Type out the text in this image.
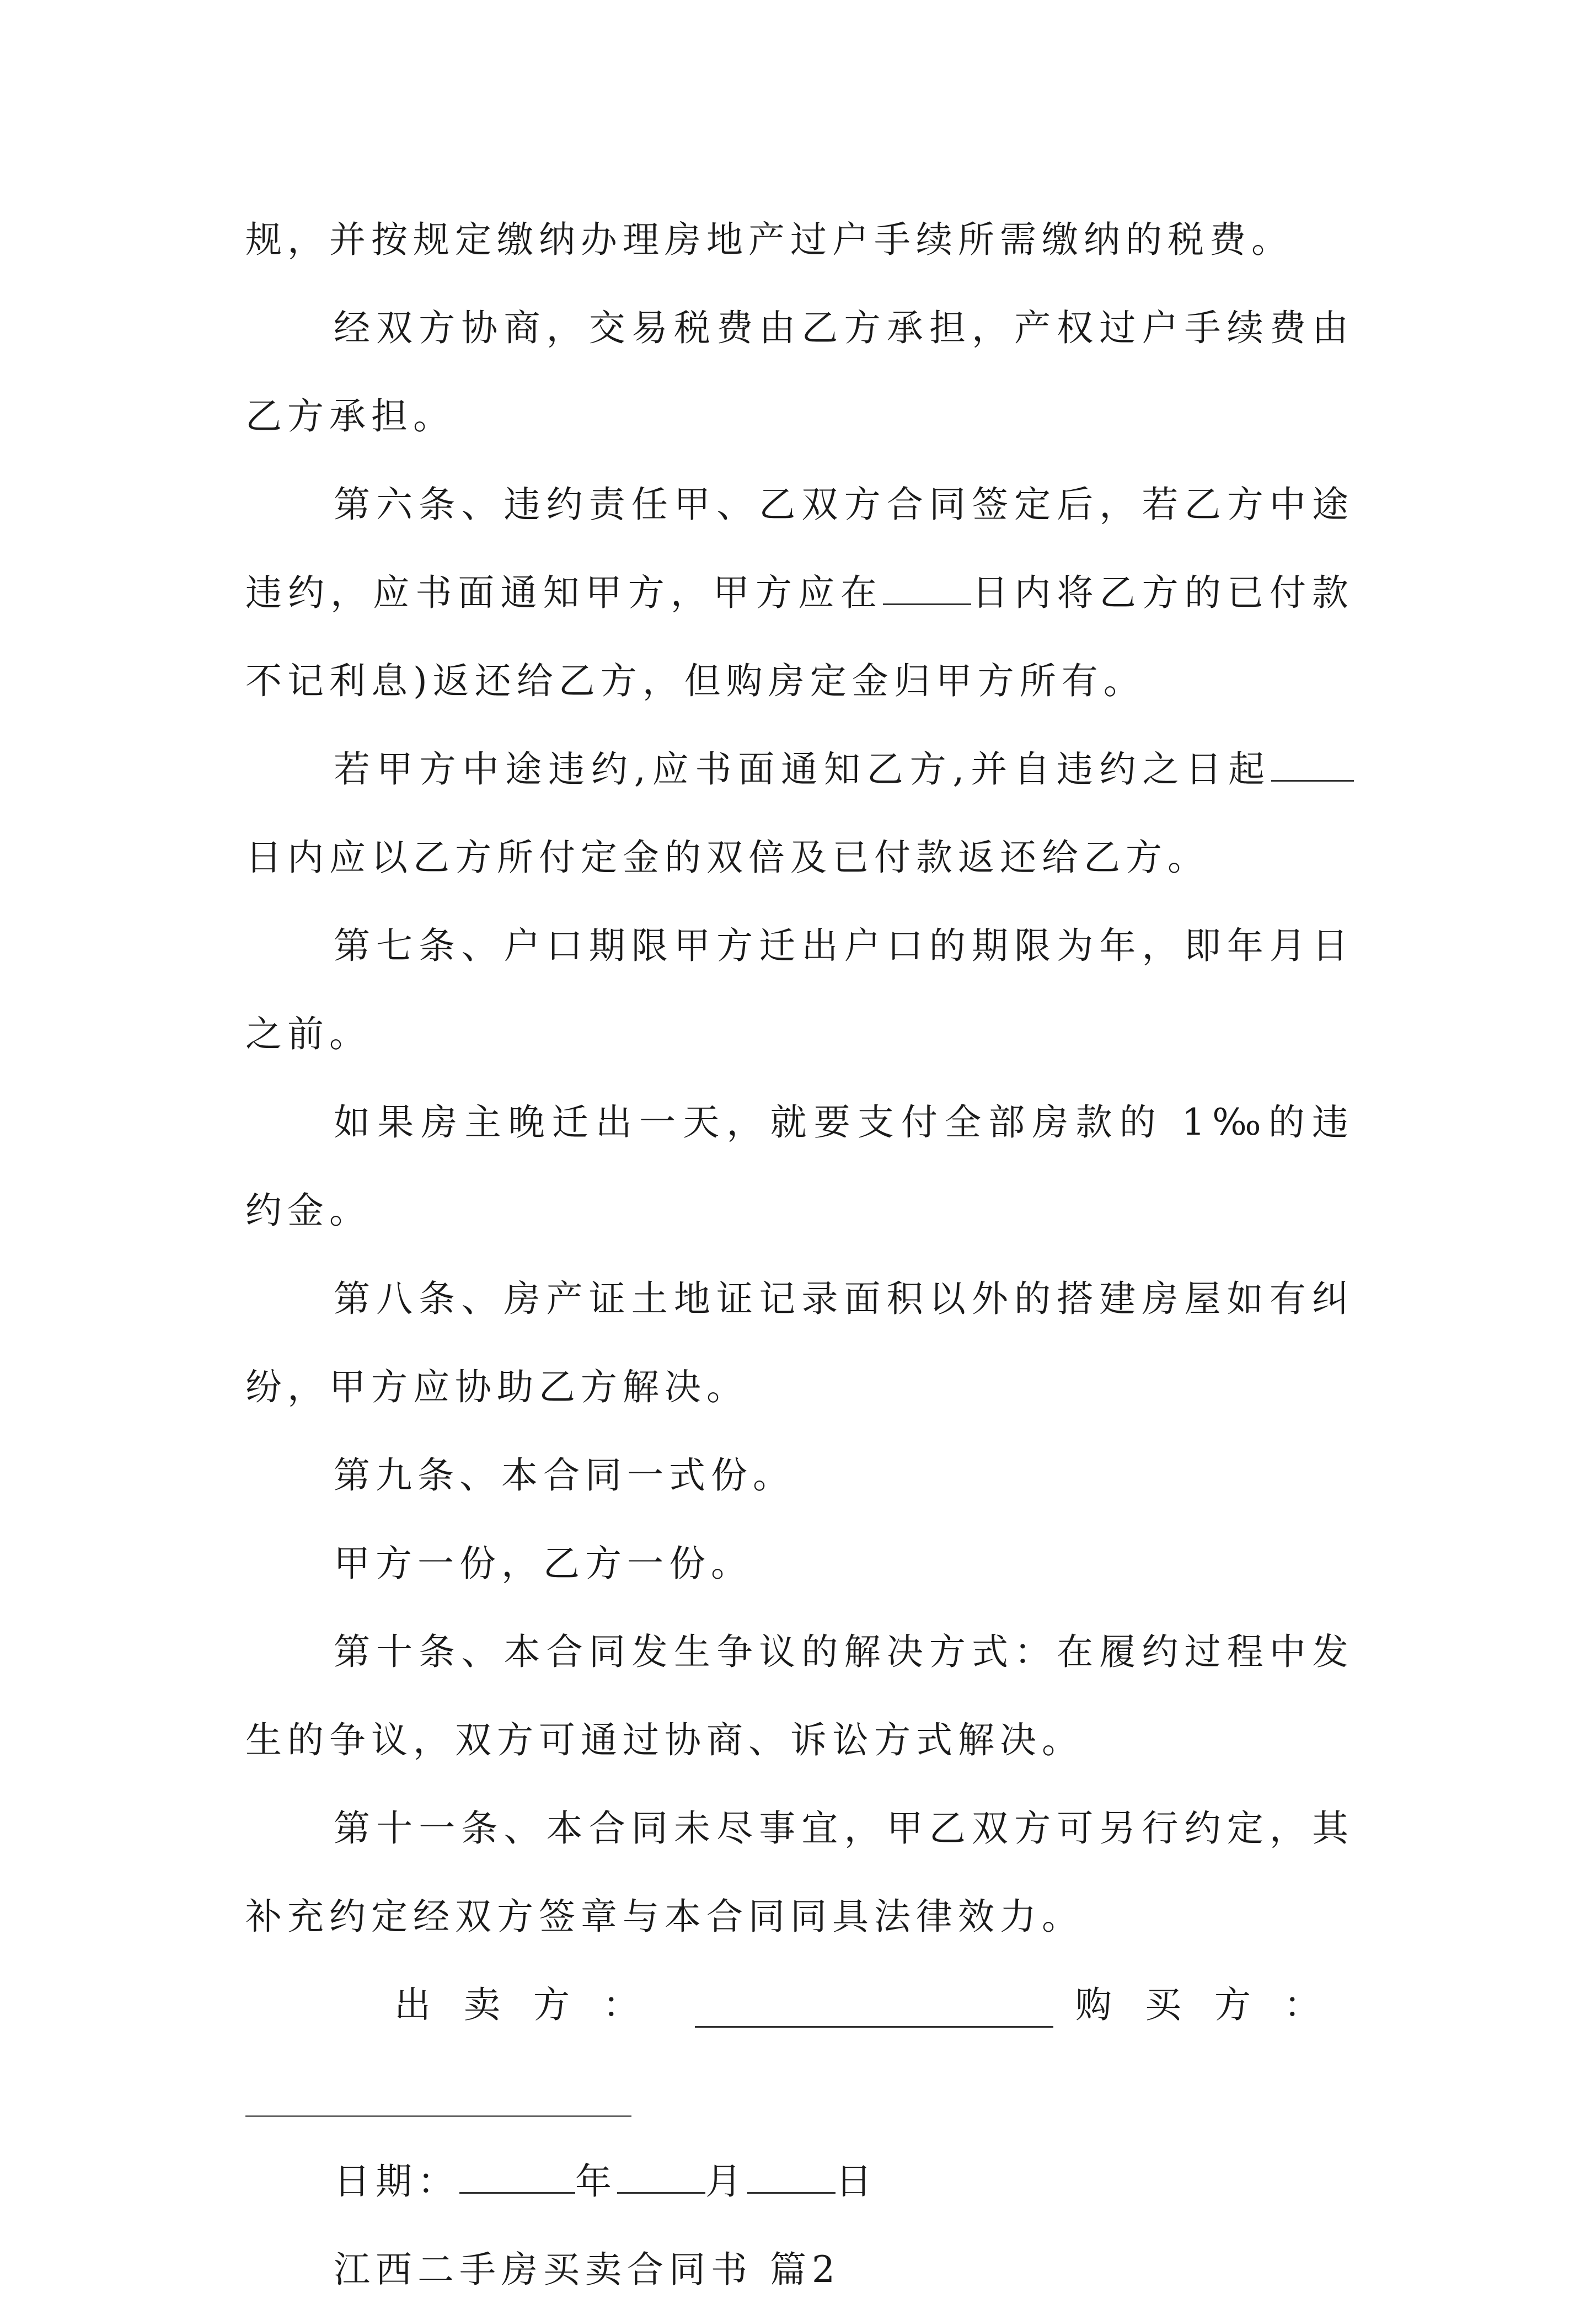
规，并按规定缴纳办理房地产过户手续所需缴纳的税费。

经双方协商，交易税费由乙方承担，产权过户手续费由乙方承担。

第六条、违约责任甲、乙双方合同签定后，若乙方中途违约，应书面通知甲方，甲方应在 日内将乙方的已付款不记利息)返还给乙方，但购房定金归甲方所有。

若甲方中途违约,应书面通知乙方,并自违约之日起日内应以乙方所付定金的双倍及已付款返还给乙方。

第七条、户口期限甲方迁出户口的期限为年，即年月日之前。

如果房主晚迁出一天，就要支付全部房款的 1‰的违约金。

第八条、房产证土地证记录面积以外的搭建房屋如有纠纷，甲方应协助乙方解决。

第九条、本合同一式份。

甲方一份，乙方一份。

第十条、本合同发生争议的解决方式：在履约过程中发生的争议，双方可通过协商、诉讼方式解决。

第十一条、本合同未尽事宜，甲乙双方可另行约定，其补充约定经双方签章与本合同同具法律效力。

出卖方：	购买方：
日期：	年 月 日

江西二手房买卖合同书 篇2
